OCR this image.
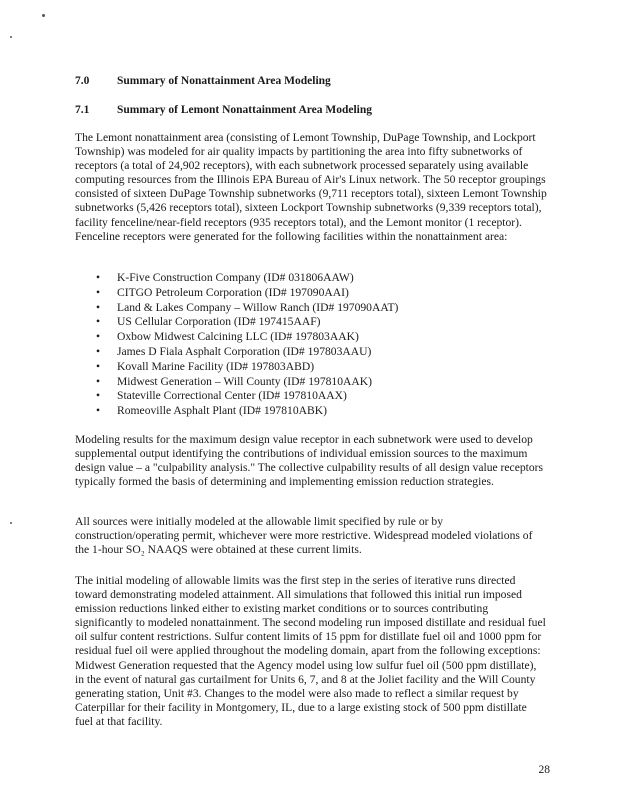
7.0 Summary of Nonattainment Area Modeling
7.1 Summary of Lemont Nonattainment Area Modeling

The Lemont nonattainment area (consisting of Lemont Township, DuPage Township, and Lockport Township) was modeled for air quality impacts by partitioning the area into fifty subnetworks of receptors (a total of 24,902 receptors), with each subnetwork processed separately using available computing resources from the Illinois EPA Bureau of Air's Linux network. The 50 receptor groupings consisted of sixteen DuPage Township subnetworks (9,711 receptors total), sixteen Lemont Township subnetworks (5,426 receptors total), sixteen Lockport Township subnetworks (9,339 receptors total), facility fenceline/near-field receptors (935 receptors total), and the Lemont monitor (1 receptor). Fenceline receptors were generated for the following facilities within the nonattainment area:

• K-Five Construction Company (ID# 031806AAW)
• CITGO Petroleum Corporation (ID# 197090AAI)
• Land & Lakes Company – Willow Ranch (ID# 197090AAT)
• US Cellular Corporation (ID# 197415AAF)
• Oxbow Midwest Calcining LLC (ID# 197803AAK)
• James D Fiala Asphalt Corporation (ID# 197803AAU)
• Kovall Marine Facility (ID# 197803ABD)
• Midwest Generation – Will County (ID# 197810AAK)
• Stateville Correctional Center (ID# 197810AAX)
• Romeoville Asphalt Plant (ID# 197810ABK)

Modeling results for the maximum design value receptor in each subnetwork were used to develop supplemental output identifying the contributions of individual emission sources to the maximum design value – a "culpability analysis." The collective culpability results of all design value receptors typically formed the basis of determining and implementing emission reduction strategies.

All sources were initially modeled at the allowable limit specified by rule or by construction/operating permit, whichever were more restrictive. Widespread modeled violations of the 1-hour SO₂ NAAQS were obtained at these current limits.

The initial modeling of allowable limits was the first step in the series of iterative runs directed toward demonstrating modeled attainment. All simulations that followed this initial run imposed emission reductions linked either to existing market conditions or to sources contributing significantly to modeled nonattainment. The second modeling run imposed distillate and residual fuel oil sulfur content restrictions. Sulfur content limits of 15 ppm for distillate fuel oil and 1000 ppm for residual fuel oil were applied throughout the modeling domain, apart from the following exceptions: Midwest Generation requested that the Agency model using low sulfur fuel oil (500 ppm distillate), in the event of natural gas curtailment for Units 6, 7, and 8 at the Joliet facility and the Will County generating station, Unit #3. Changes to the model were also made to reflect a similar request by Caterpillar for their facility in Montgomery, IL, due to a large existing stock of 500 ppm distillate fuel at that facility.

28
